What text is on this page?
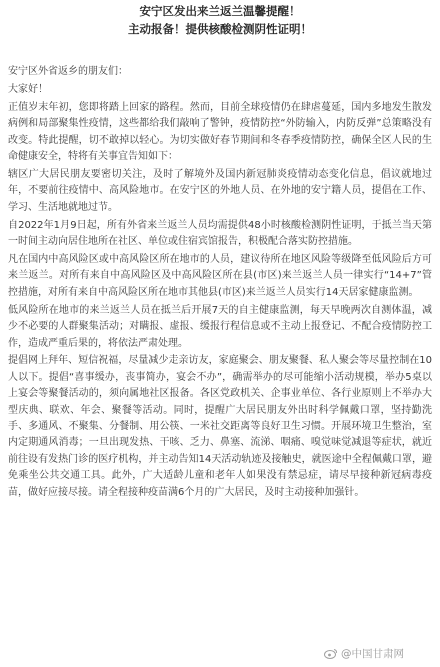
安宁区发出来兰返兰温馨提醒！
主动报备！提供核酸检测阴性证明！

安宁区外省返乡的朋友们：

大家好！

正值岁末年初，您即将踏上回家的路程。然而，目前全球疫情仍在肆虐蔓延，国内多地发生散发病例和局部聚集性疫情，这些都给我们敲响了警钟，疫情防控“外防输入，内防反弹”总策略没有改变。特此提醒，切不敢掉以轻心。为切实做好春节期间和冬春季疫情防控，确保全区人民的生命健康安全，特将有关事宜告知如下：

辖区广大居民朋友要密切关注，及时了解境外及国内新冠肺炎疫情动态变化信息，倡议就地过年，不要前往疫情中、高风险地市。在安宁区的外地人员、在外地的安宁籍人员，提倡在工作、学习、生活地就地过节。

自2022年1月9日起，所有外省来兰返兰人员均需提供48小时核酸检测阴性证明，于抵兰当天第一时间主动向居住地所在社区、单位或住宿宾馆报告，积极配合落实防控措施。

凡在国内中高风险区或中高风险区所在地市的人员，建议待所在地区风险等级降至低风险后方可来兰返兰。对所有来自中高风险区及中高风险区所在县(市区)来兰返兰人员一律实行“14+7”管控措施，对所有来自中高风险区所在地市其他县(市区)来兰返兰人员实行14天居家健康监测。

低风险所在地市的来兰返兰人员在抵兰后开展7天的自主健康监测，每天早晚两次自测体温，减少不必要的人群聚集活动；对瞒报、虚报、缓报行程信息或不主动上报登记、不配合疫情防控工作，造成严重后果的，将依法严肃处理。

提倡网上拜年、短信祝福，尽量减少走亲访友，家庭聚会、朋友聚餐、私人聚会等尽量控制在10人以下。提倡“喜事缓办，丧事简办，宴会不办”，确需举办的尽可能缩小活动规模，举办5桌以上宴会等聚餐活动的，须向属地社区报备。各区党政机关、企事业单位、各行业原则上不举办大型庆典、联欢、年会、聚餐等活动。同时，提醒广大居民朋友外出时科学佩戴口罩，坚持勤洗手、多通风、不聚集、分餐制、用公筷、一米社交距离等良好卫生习惯。开展环境卫生整治，室内定期通风消毒；一旦出现发热、干咳、乏力、鼻塞、流涕、咽痛、嗅觉味觉减退等症状，就近前往设有发热门诊的医疗机构，并主动告知14天活动轨迹及接触史，就医途中全程佩戴口罩，避免乘坐公共交通工具。此外，广大适龄儿童和老年人如果没有禁忌症，请尽早接种新冠病毒疫苗，做好应接尽接。请全程接种疫苗满6个月的广大居民，及时主动接种加强针。

@中国甘肃网
